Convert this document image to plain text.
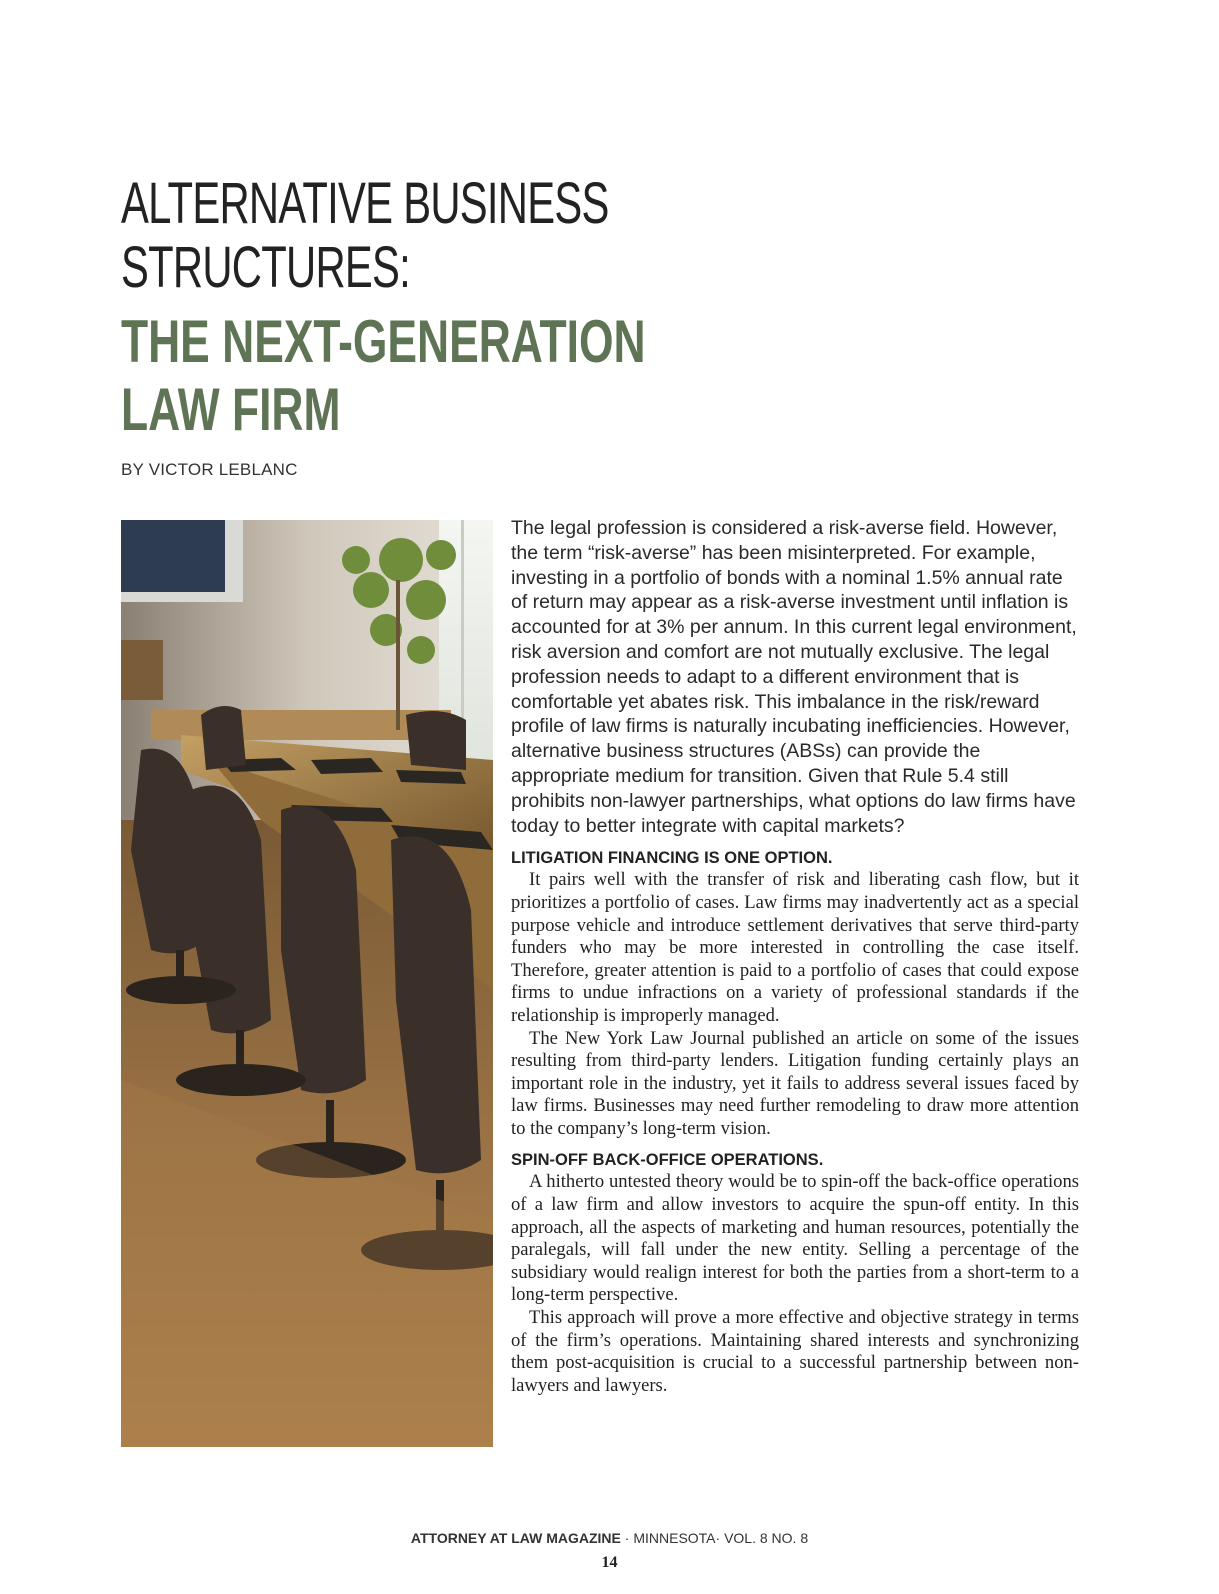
ALTERNATIVE BUSINESS
STRUCTURES:
THE NEXT-GENERATION
LAW FIRM
BY VICTOR LEBLANC

The legal profession is considered a risk-averse field. However, the term “risk-averse” has been misinterpreted. For example, investing in a portfolio of bonds with a nominal 1.5% annual rate of return may appear as a risk-averse investment until inflation is accounted for at 3% per annum. In this current legal environment, risk aversion and comfort are not mutually exclusive. The legal profession needs to adapt to a different environment that is comfortable yet abates risk. This imbalance in the risk/reward profile of law firms is naturally incubating inefficiencies. However, alternative business structures (ABSs) can provide the appropriate medium for transition. Given that Rule 5.4 still prohibits non-lawyer partnerships, what options do law firms have today to better integrate with capital markets?

LITIGATION FINANCING IS ONE OPTION.

It pairs well with the transfer of risk and liberating cash flow, but it prioritizes a portfolio of cases. Law firms may inadvertently act as a special purpose vehicle and introduce settlement derivatives that serve third-party funders who may be more interested in controlling the case itself. Therefore, greater attention is paid to a portfolio of cases that could expose firms to undue infractions on a variety of professional standards if the relationship is improperly managed.

The New York Law Journal published an article on some of the issues resulting from third-party lenders. Litigation funding certainly plays an important role in the industry, yet it fails to address several issues faced by law firms. Businesses may need further remodeling to draw more attention to the company’s long-term vision.

SPIN-OFF BACK-OFFICE OPERATIONS.

A hitherto untested theory would be to spin-off the back-office operations of a law firm and allow investors to acquire the spun-off entity. In this approach, all the aspects of marketing and human resources, potentially the paralegals, will fall under the new entity. Selling a percentage of the subsidiary would realign interest for both the parties from a short-term to a long-term perspective.

This approach will prove a more effective and objective strategy in terms of the firm’s operations. Maintaining shared interests and synchronizing them post-acquisition is crucial to a successful partnership between non-lawyers and lawyers.

ATTORNEY AT LAW MAGAZINE · MINNESOTA· VOL. 8 NO. 8
14
